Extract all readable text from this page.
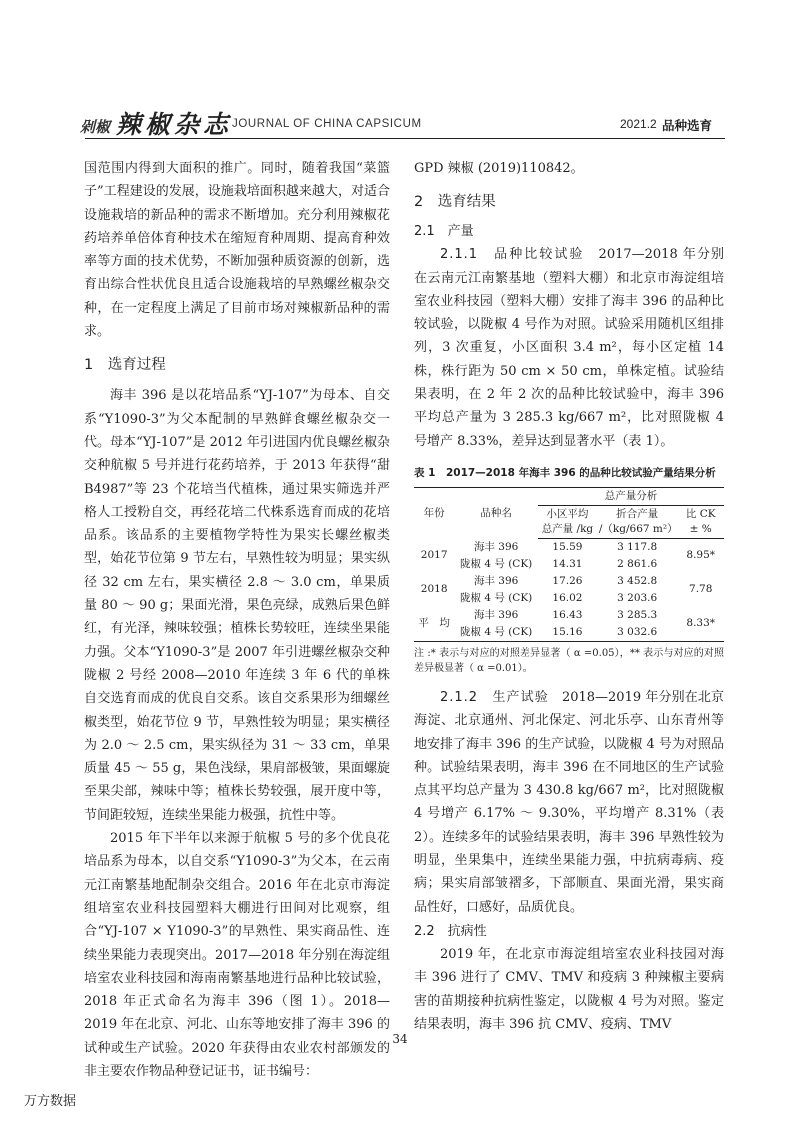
剁椒 辣椒杂志 JOURNAL OF CHINA CAPSICUM	2021.2 品种选育

国范围内得到大面积的推广。同时，随着我国“菜篮子”工程建设的发展，设施栽培面积越来越大，对适合设施栽培的新品种的需求不断增加。充分利用辣椒花药培养单倍体育种技术在缩短育种周期、提高育种效率等方面的技术优势，不断加强种质资源的创新，选育出综合性状优良且适合设施栽培的早熟螺丝椒杂交种，在一定程度上满足了目前市场对辣椒新品种的需求。

1　选育过程

海丰 396 是以花培品系“YJ-107”为母本、自交系“Y1090-3”为父本配制的早熟鲜食螺丝椒杂交一代。母本“YJ-107”是 2012 年引进国内优良螺丝椒杂交种航椒 5 号并进行花药培养，于 2013 年获得“甜 B4987”等 23 个花培当代植株，通过果实筛选并严格人工授粉自交，再经花培二代株系选育而成的花培品系。该品系的主要植物学特性为果实长螺丝椒类型，始花节位第 9 节左右，早熟性较为明显；果实纵径 32 cm 左右，果实横径 2.8 ～ 3.0 cm，单果质量 80 ～ 90 g；果面光滑，果色亮绿，成熟后果色鲜红，有光泽，辣味较强；植株长势较旺，连续坐果能力强。父本“Y1090-3”是 2007 年引进螺丝椒杂交种陇椒 2 号经 2008—2010 年连续 3 年 6 代的单株自交选育而成的优良自交系。该自交系果形为细螺丝椒类型，始花节位 9 节，早熟性较为明显；果实横径为 2.0 ～ 2.5 cm，果实纵径为 31 ～ 33 cm，单果质量 45 ～ 55 g，果色浅绿，果肩部极皱，果面螺旋至果尖部，辣味中等；植株长势较强，展开度中等，节间距较短，连续坐果能力极强，抗性中等。

2015 年下半年以来源于航椒 5 号的多个优良花培品系为母本，以自交系“Y1090-3”为父本，在云南元江南繁基地配制杂交组合。2016 年在北京市海淀组培室农业科技园塑料大棚进行田间对比观察，组合“YJ-107 × Y1090-3”的早熟性、果实商品性、连续坐果能力表现突出。2017—2018 年分别在海淀组培室农业科技园和海南南繁基地进行品种比较试验，2018 年正式命名为海丰 396（图 1）。2018—2019 年在北京、河北、山东等地安排了海丰 396 的试种或生产试验。2020 年获得由农业农村部颁发的非主要农作物品种登记证书，证书编号：

GPD 辣椒 (2019)110842。

2　选育结果
2.1　产量

2.1.1　品种比较试验　 2017—2018 年分别在云南元江南繁基地（塑料大棚）和北京市海淀组培室农业科技园（塑料大棚）安排了海丰 396 的品种比较试验，以陇椒 4 号作为对照。试验采用随机区组排列，3 次重复，小区面积 3.4 m²，每小区定植 14 株，株行距为 50 cm × 50 cm，单株定植。试验结果表明，在 2 年 2 次的品种比较试验中，海丰 396 平均总产量为 3 285.3 kg/667 m²，比对照陇椒 4 号增产 8.33%，差异达到显著水平（表 1）。

表 1　2017—2018 年海丰 396 的品种比较试验产量结果分析
年份	品种名	总产量分析		
		小区平均
总产量 /kg	折合产量
/（kg/667 m²）	比 CK
± %
2017	海丰 396	15.59	3 117.8	8.95*
	陇椒 4 号 (CK)	14.31	2 861.6	
2018	海丰 396	17.26	3 452.8	7.78
	陇椒 4 号 (CK)	16.02	3 203.6	
平　均	海丰 396	16.43	3 285.3	8.33*
	陇椒 4 号 (CK)	15.16	3 032.6	
注 :* 表示与对应的对照差异显著（ α =0.05），** 表示与对应的对照差异极显著（ α =0.01）。

2.1.2　生产试验　 2018—2019 年分别在北京海淀、北京通州、河北保定、河北乐亭、山东青州等地安排了海丰 396 的生产试验，以陇椒 4 号为对照品种。试验结果表明，海丰 396 在不同地区的生产试验点其平均总产量为 3 430.8 kg/667 m²，比对照陇椒 4 号增产 6.17% ～ 9.30%，平均增产 8.31%（表 2）。连续多年的试验结果表明，海丰 396 早熟性较为明显，坐果集中，连续坐果能力强，中抗病毒病、疫病；果实肩部皱褶多，下部顺直、果面光滑，果实商品性好，口感好，品质优良。

2.2　抗病性

2019 年，在北京市海淀组培室农业科技园对海丰 396 进行了 CMV、TMV 和疫病 3 种辣椒主要病害的苗期接种抗病性鉴定，以陇椒 4 号为对照。鉴定结果表明，海丰 396 抗 CMV、疫病、TMV

34
万方数据
